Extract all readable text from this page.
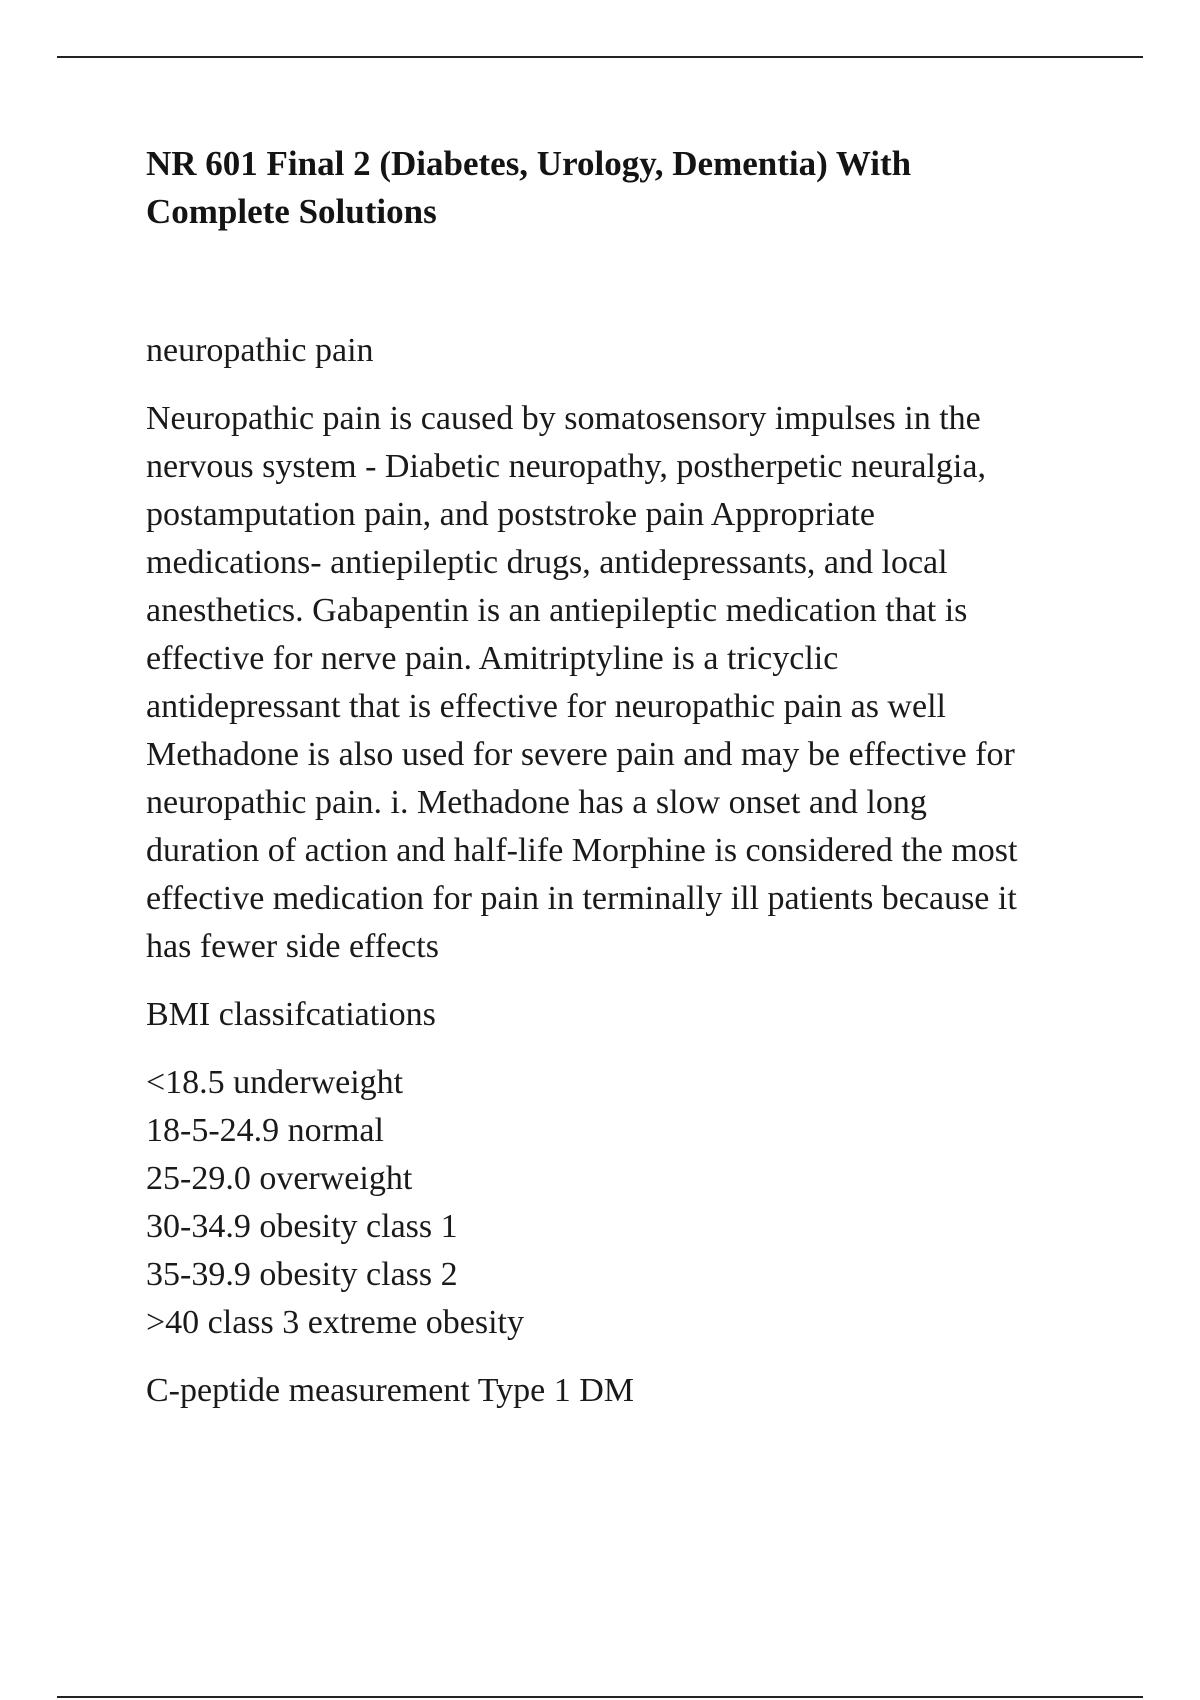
NR 601 Final 2 (Diabetes, Urology, Dementia) With
Complete Solutions

neuropathic pain

Neuropathic pain is caused by somatosensory impulses in the
nervous system - Diabetic neuropathy, postherpetic neuralgia,
postamputation pain, and poststroke pain Appropriate
medications- antiepileptic drugs, antidepressants, and local
anesthetics. Gabapentin is an antiepileptic medication that is
effective for nerve pain. Amitriptyline is a tricyclic
antidepressant that is effective for neuropathic pain as well
Methadone is also used for severe pain and may be effective for
neuropathic pain. i. Methadone has a slow onset and long
duration of action and half-life Morphine is considered the most
effective medication for pain in terminally ill patients because it
has fewer side effects

BMI classifcatiations

<18.5 underweight
18-5-24.9 normal
25-29.0 overweight
30-34.9 obesity class 1
35-39.9 obesity class 2
>40 class 3 extreme obesity

C-peptide measurement Type 1 DM
